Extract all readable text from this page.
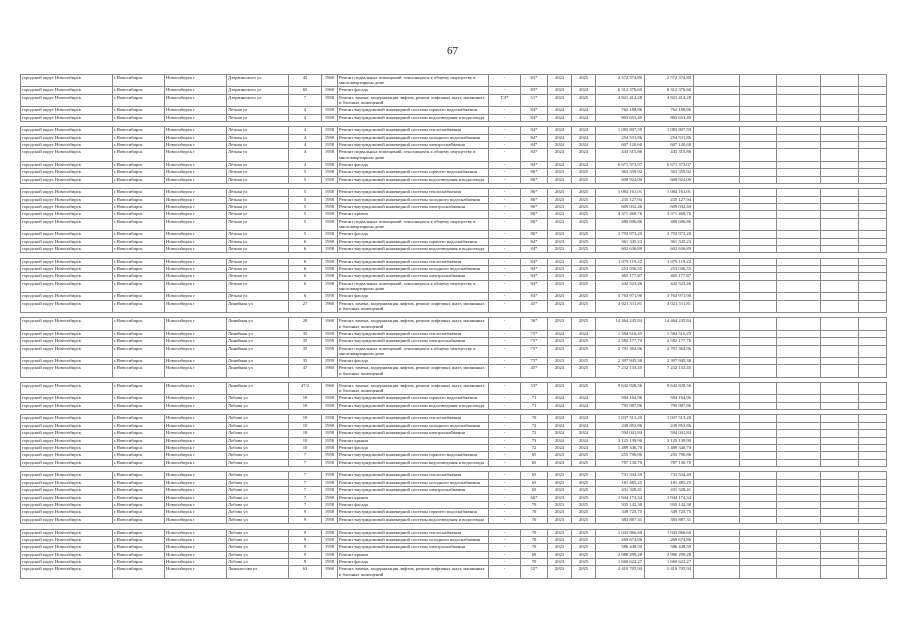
67
городской округ Новосибирск	г.Новосибирск	Новосибирск г	Дзержинского ул	45	1960	Ремонт подвальных помещений, относящихся к общему имуществу в многоквартирном доме	-	83*	2023	2025	2 572 374,80	2 572 374,80					
городской округ Новосибирск	г.Новосибирск	Новосибирск г	Дзержинского ул	65	1960	Ремонт фасада	-	83*	2023	2024	6 312 376,60	6 312 376,60					
городской округ Новосибирск	г.Новосибирск	Новосибирск г	Дзержинского ул	7	1958	Ремонт, замена, модернизация лифтов, ремонт лифтовых шахт, машинных и блочных помещений	ТЭ*	51*	2023	2025	4 821 414,28	4 821 414,28					
городской округ Новосибирск	г.Новосибирск	Новосибирск г	Лётная ул	4	1958	Ремонт внутридомовой инженерной системы горячего водоснабжения	-	84*	2024	2024	762 188,86	762 188,86					
городской округ Новосибирск	г.Новосибирск	Новосибирск г	Лётная ул	4	1958	Ремонт внутридомовой инженерной системы водоотведения и водоотвода	-	84*	2024	2024	803 653,40	803 653,40					

городской округ Новосибирск	г.Новосибирск	Новосибирск г	Лётная ул	4	1958	Ремонт внутридомовой инженерной системы теплоснабжения	-	84*	2024	2024	1 083 807,59	1 083 807,59					
городской округ Новосибирск	г.Новосибирск	Новосибирск г	Лётная ул	4	1958	Ремонт внутридомовой инженерной системы холодного водоснабжения	-	84*	2024	2024	254 531,86	254 531,86					
городской округ Новосибирск	г.Новосибирск	Новосибирск г	Лётная ул	4	1958	Ремонт внутридомовой инженерной системы электроснабжения	-	84*	2024	2024	607 120,60	607 120,60					
городской округ Новосибирск	г.Новосибирск	Новосибирск г	Лётная ул	4	1958	Ремонт подвальных помещений, относящихся к общему имуществу в многоквартирном доме	-	84*	2024	2024	443 315,86	443 315,86					
городской округ Новосибирск	г.Новосибирск	Новосибирск г	Лётная ул	4	1958	Ремонт фасада	-	84*	2024	2024	6 671 373,07	6 671 373,07					
городской округ Новосибирск	г.Новосибирск	Новосибирск г	Лётная ул	5	1958	Ремонт внутридомовой инженерной системы горячего водоснабжения	-	86*	2023	2025	363 359,92	363 359,92					
городской округ Новосибирск	г.Новосибирск	Новосибирск г	Лётная ул	5	1958	Ремонт внутридомовой инженерной системы водоотведения и водоотвода	-	86*	2023	2025	600 924,00	600 924,00					

городской округ Новосибирск	г.Новосибирск	Новосибирск г	Лётная ул	5	1958	Ремонт внутридомовой инженерной системы теплоснабжения	-	86*	2023	2025	1 084 161,01	1 084 161,01					
городской округ Новосибирск	г.Новосибирск	Новосибирск г	Лётная ул	5	1958	Ремонт внутридомовой инженерной системы холодного водоснабжения	-	86*	2023	2025	235 127,94	235 127,94					
городской округ Новосибирск	г.Новосибирск	Новосибирск г	Лётная ул	5	1958	Ремонт внутридомовой инженерной системы электроснабжения	-	86*	2023	2025	609 032,40	609 032,40					
городской округ Новосибирск	г.Новосибирск	Новосибирск г	Лётная ул	5	1958	Ремонт крыши	-	86*	2023	2025	3 371 468,76	3 371 468,76					
городской округ Новосибирск	г.Новосибирск	Новосибирск г	Лётная ул	5	1958	Ремонт подвальных помещений, относящихся к общему имуществу в многоквартирном доме	-	86*	2023	2025	480 696,86	480 696,86					
городской округ Новосибирск	г.Новосибирск	Новосибирск г	Лётная ул	5	1958	Ремонт фасада	-	86*	2023	2025	3 793 973,20	3 793 973,20					
городской округ Новосибирск	г.Новосибирск	Новосибирск г	Лётная ул	6	1958	Ремонт внутридомовой инженерной системы горячего водоснабжения	-	84*	2023	2025	361 345,23	361 345,23					
городской округ Новосибирск	г.Новосибирск	Новосибирск г	Лётная ул	6	1958	Ремонт внутридомовой инженерной системы водоотведения и водоотвода	-	84*	2023	2025	602 636,89	602 636,89					

городской округ Новосибирск	г.Новосибирск	Новосибирск г	Лётная ул	6	1958	Ремонт внутридомовой инженерной системы теплоснабжения	-	84*	2023	2025	1 079 119,22	1 079 119,22					
городской округ Новосибирск	г.Новосибирск	Новосибирск г	Лётная ул	6	1958	Ремонт внутридомовой инженерной системы холодного водоснабжения	-	84*	2023	2025	253 036,55	253 036,55					
городской округ Новосибирск	г.Новосибирск	Новосибирск г	Лётная ул	6	1958	Ремонт внутридомовой инженерной системы электроснабжения	-	84*	2023	2025	465 177,87	465 177,87					
городской округ Новосибирск	г.Новосибирск	Новосибирск г	Лётная ул	6	1958	Ремонт подвальных помещений, относящихся к общему имуществу в многоквартирном доме	-	84*	2023	2025	442 523,46	442 523,46					
городской округ Новосибирск	г.Новосибирск	Новосибирск г	Лётная ул	6	1958	Ремонт фасада	-	84*	2023	2025	3 763 971,90	3 763 971,90					
городской округ Новосибирск	г.Новосибирск	Новосибирск г	Линейная ул	27	1960	Ремонт, замена, модернизация лифтов, ремонт лифтовых шахт, машинных и блочных помещений	-	45*	2023	2025	4 021 511,81	4 021 511,81					

городской округ Новосибирск	г.Новосибирск	Новосибирск г	Линейная ул	28	1960	Ремонт, замена, модернизация лифтов, ремонт лифтовых шахт, машинных и блочных помещений	-	56*	2023	2025	14 464 245,84	14 464 245,84					
городской округ Новосибирск	г.Новосибирск	Новосибирск г	Линейная ул	35	1959	Ремонт внутридомовой инженерной системы теплоснабжения	-	75*	2024	2024	1 584 516,45	1 584 516,45					
городской округ Новосибирск	г.Новосибирск	Новосибирск г	Линейная ул	35	1959	Ремонт внутридомовой инженерной системы электроснабжения	-	75*	2023	2025	2 582 177,70	2 582 177,70					
городской округ Новосибирск	г.Новосибирск	Новосибирск г	Линейная ул	35	1959	Ремонт подвальных помещений, относящихся к общему имуществу в многоквартирном доме	-	75*	2023	2025	2 791 364,96	2 791 364,96					
городской округ Новосибирск	г.Новосибирск	Новосибирск г	Линейная ул	35	1959	Ремонт фасада	-	75*	2023	2025	2 397 945,38	2 397 945,38					
городской округ Новосибирск	г.Новосибирск	Новосибирск г	Линейная ул	47	1960	Ремонт, замена, модернизация лифтов, ремонт лифтовых шахт, машинных и блочных помещений	-	45*	2023	2025	7 232 133,45	7 232 133,45					

городской округ Новосибирск	г.Новосибирск	Новосибирск г	Линейная ул	47/2	1960	Ремонт, замена, модернизация лифтов, ремонт лифтовых шахт, машинных и блочных помещений	-	53*	2023	2025	9 642 828,56	9 642 828,56					
городской округ Новосибирск	г.Новосибирск	Новосибирск г	Лобова ул	10	1958	Ремонт внутридомовой инженерной системы горячего водоснабжения	-	71	2024	2024	594 164,96	594 164,96					
городской округ Новосибирск	г.Новосибирск	Новосибирск г	Лобова ул	10	1958	Ремонт внутридомовой инженерной системы водоотведения и водоотвода	-	71	2024	2024	795 987,86	795 987,86					

городской округ Новосибирск	г.Новосибирск	Новосибирск г	Лобова ул	10	1958	Ремонт внутридомовой инженерной системы теплоснабжения	-	70	2024	2024	1 037 513,20	1 037 513,20					
городской округ Новосибирск	г.Новосибирск	Новосибирск г	Лобова ул	10	1958	Ремонт внутридомовой инженерной системы холодного водоснабжения	-	72	2024	2024	249 852,86	249 852,86					
городской округ Новосибирск	г.Новосибирск	Новосибирск г	Лобова ул	10	1958	Ремонт внутридомовой инженерной системы электроснабжения	-	72	2024	2024	594 041,84	594 041,84					
городской округ Новосибирск	г.Новосибирск	Новосибирск г	Лобова ул	10	1958	Ремонт крыши	-	73	2024	2024	3 125 139,90	3 125 139,90					
городской округ Новосибирск	г.Новосибирск	Новосибирск г	Лобова ул	10	1958	Ремонт фасада	-	72	2024	2024	1 489 346,70	1 489 346,70					
городской округ Новосибирск	г.Новосибирск	Новосибирск г	Лобова ул	7	1958	Ремонт внутридомовой инженерной системы горячего водоснабжения	-	65	2023	2025	255 796,86	255 796,86					
городской округ Новосибирск	г.Новосибирск	Новосибирск г	Лобова ул	7	1958	Ремонт внутридомовой инженерной системы водоотведения и водоотвода	-	65	2023	2025	787 130,70	787 130,70					

городской округ Новосибирск	г.Новосибирск	Новосибирск г	Лобова ул	7	1958	Ремонт внутридомовой инженерной системы теплоснабжения	-	65	2023	2025	731 334,49	731 334,49					
городской округ Новосибирск	г.Новосибирск	Новосибирск г	Лобова ул	7	1958	Ремонт внутридомовой инженерной системы холодного водоснабжения	-	65	2023	2025	181 485,25	181 485,25					
городской округ Новосибирск	г.Новосибирск	Новосибирск г	Лобова ул	7	1958	Ремонт внутридомовой инженерной системы электроснабжения	-	65	2023	2025	431 328,41	431 328,41					
городской округ Новосибирск	г.Новосибирск	Новосибирск г	Лобова ул	7	1958	Ремонт крыши	-	66*	2023	2025	1 944 174,34	1 944 174,34					
городской округ Новосибирск	г.Новосибирск	Новосибирск г	Лобова ул	7	1958	Ремонт фасада	-	70	2023	2025	935 142,30	935 142,30					
городской округ Новосибирск	г.Новосибирск	Новосибирск г	Лобова ул	9	1958	Ремонт внутридомовой инженерной системы горячего водоснабжения	-	70	2023	2025	349 725,75	349 725,75					
городской округ Новосибирск	г.Новосибирск	Новосибирск г	Лобова ул	9	1958	Ремонт внутридомовой инженерной системы водоотведения и водоотвода	-	70	2023	2025	383 887,31	383 887,31					

городской округ Новосибирск	г.Новосибирск	Новосибирск г	Лобова ул	9	1958	Ремонт внутридомовой инженерной системы теплоснабжения	-	70	2023	2025	1 043 866,60	1 043 866,60					
городской округ Новосибирск	г.Новосибирск	Новосибирск г	Лобова ул	9	1958	Ремонт внутридомовой инженерной системы холодного водоснабжения	-	70	2023	2025	269 674,86	269 674,86					
городской округ Новосибирск	г.Новосибирск	Новосибирск г	Лобова ул	9	1958	Ремонт внутридомовой инженерной системы электроснабжения	-	70	2023	2025	586 448,50	586 448,50					
городской округ Новосибирск	г.Новосибирск	Новосибирск г	Лобова ул	9	1958	Ремонт крыши	-	69	2023	2025	2 980 299,28	2 980 299,28					
городской округ Новосибирск	г.Новосибирск	Новосибирск г	Лобова ул	9	1958	Ремонт фасада	-	70	2023	2025	1 660 622,27	1 660 622,27					
городской округ Новосибирск	г.Новосибирск	Новосибирск г	Ломоносова ул	63	1960	Ремонт, замена, модернизация лифтов, ремонт лифтовых шахт, машинных и блочных помещений	-	52*	2023	2025	2 410 705,94	2 410 705,94					
